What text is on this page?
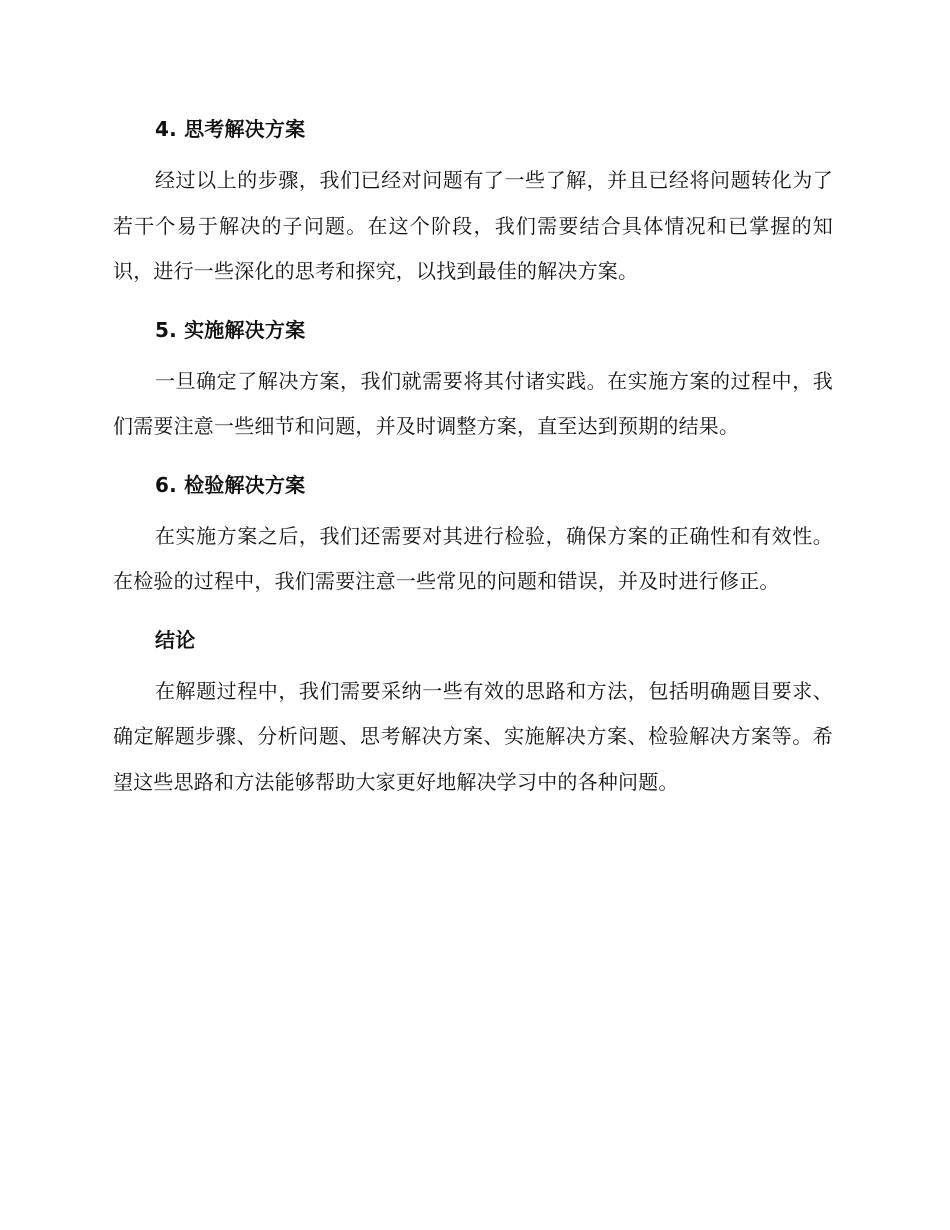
4. 思考解决方案

经过以上的步骤，我们已经对问题有了一些了解，并且已经将问题转化为了若干个易于解决的子问题。在这个阶段，我们需要结合具体情况和已掌握的知识，进行一些深化的思考和探究，以找到最佳的解决方案。

5. 实施解决方案

一旦确定了解决方案，我们就需要将其付诸实践。在实施方案的过程中，我们需要注意一些细节和问题，并及时调整方案，直至达到预期的结果。

6. 检验解决方案

在实施方案之后，我们还需要对其进行检验，确保方案的正确性和有效性。在检验的过程中，我们需要注意一些常见的问题和错误，并及时进行修正。

结论

在解题过程中，我们需要采纳一些有效的思路和方法，包括明确题目要求、确定解题步骤、分析问题、思考解决方案、实施解决方案、检验解决方案等。希望这些思路和方法能够帮助大家更好地解决学习中的各种问题。
